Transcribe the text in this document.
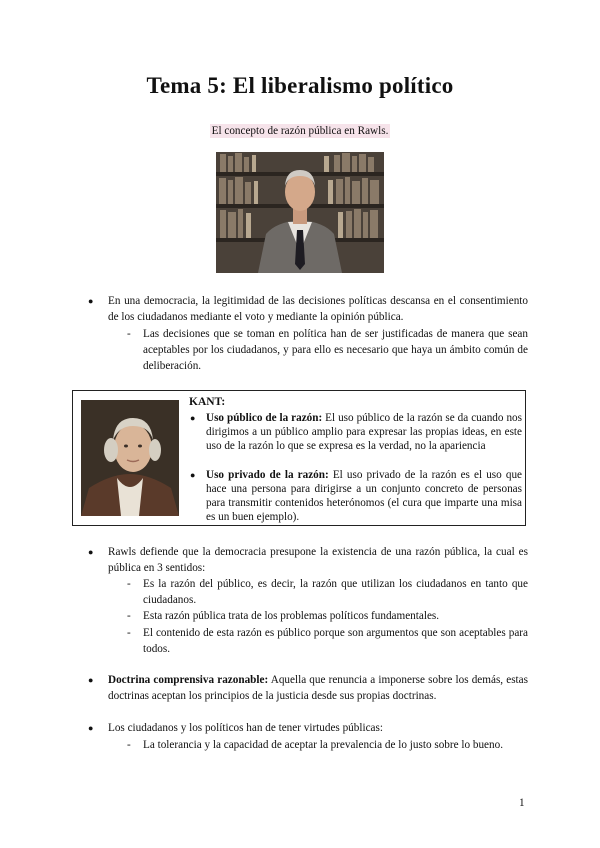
Tema 5: El liberalismo político
El concepto de razón pública en Rawls.
● En una democracia, la legitimidad de las decisiones políticas descansa en el consentimiento de los ciudadanos mediante el voto y mediante la opinión pública.
- Las decisiones que se toman en política han de ser justificadas de manera que sean aceptables por los ciudadanos, y para ello es necesario que haya un ámbito común de deliberación.
● Rawls defiende que la democracia presupone la existencia de una razón pública, la cual es pública en 3 sentidos:
- Es la razón del público, es decir, la razón que utilizan los ciudadanos en tanto que ciudadanos.
- Esta razón pública trata de los problemas políticos fundamentales.
- El contenido de esta razón es público porque son argumentos que son aceptables para todos.
● Doctrina comprensiva razonable: Aquella que renuncia a imponerse sobre los demás, estas doctrinas aceptan los principios de la justicia desde sus propias doctrinas.
● Los ciudadanos y los políticos han de tener virtudes públicas:
- La tolerancia y la capacidad de aceptar la prevalencia de lo justo sobre lo bueno.
KANT:
● Uso público de la razón: El uso público de la razón se da cuando nos dirigimos a un público amplio para expresar las propias ideas, en este uso de la razón lo que se expresa es la verdad, no la apariencia
● Uso privado de la razón: El uso privado de la razón es el uso que hace una persona para dirigirse a un conjunto concreto de personas para transmitir contenidos heterónomos (el cura que imparte una misa es un buen ejemplo).
1
